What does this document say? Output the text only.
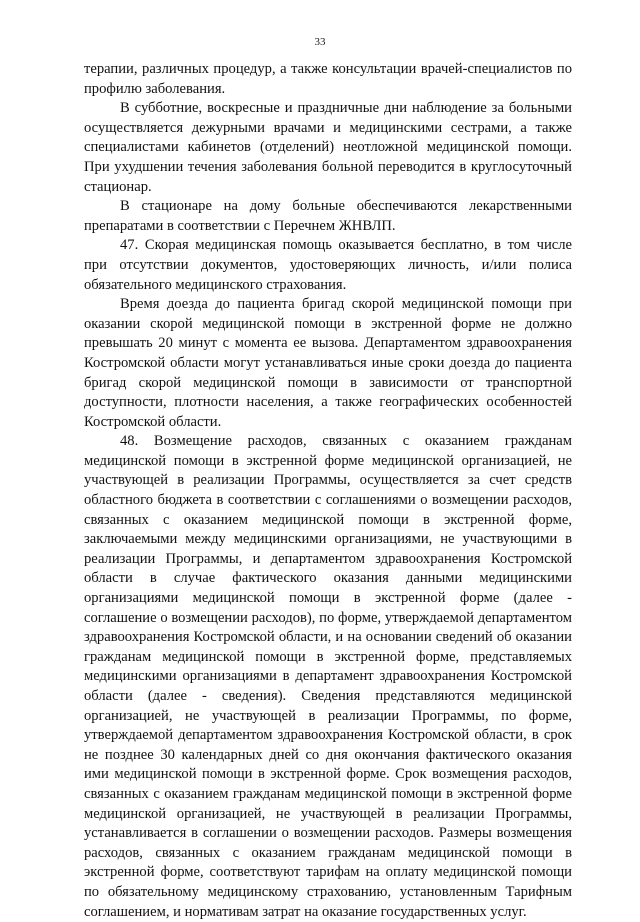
33

терапии, различных процедур, а также консультации врачей-специалистов по профилю заболевания.

В субботние, воскресные и праздничные дни наблюдение за больными осуществляется дежурными врачами и медицинскими сестрами, а также специалистами кабинетов (отделений) неотложной медицинской помощи. При ухудшении течения заболевания больной переводится в круглосуточный стационар.

В стационаре на дому больные обеспечиваются лекарственными препаратами в соответствии с Перечнем ЖНВЛП.

47. Скорая медицинская помощь оказывается бесплатно, в том числе при отсутствии документов, удостоверяющих личность, и/или полиса обязательного медицинского страхования.

Время доезда до пациента бригад скорой медицинской помощи при оказании скорой медицинской помощи в экстренной форме не должно превышать 20 минут с момента ее вызова. Департаментом здравоохранения Костромской области могут устанавливаться иные сроки доезда до пациента бригад скорой медицинской помощи в зависимости от транспортной доступности, плотности населения, а также географических особенностей Костромской области.

48. Возмещение расходов, связанных с оказанием гражданам медицинской помощи в экстренной форме медицинской организацией, не участвующей в реализации Программы, осуществляется за счет средств областного бюджета в соответствии с соглашениями о возмещении расходов, связанных с оказанием медицинской помощи в экстренной форме, заключаемыми между медицинскими организациями, не участвующими в реализации Программы, и департаментом здравоохранения Костромской области в случае фактического оказания данными медицинскими организациями медицинской помощи в экстренной форме (далее - соглашение о возмещении расходов), по форме, утверждаемой департаментом здравоохранения Костромской области, и на основании сведений об оказании гражданам медицинской помощи в экстренной форме, представляемых медицинскими организациями в департамент здравоохранения Костромской области (далее - сведения). Сведения представляются медицинской организацией, не участвующей в реализации Программы, по форме, утверждаемой департаментом здравоохранения Костромской области, в срок не позднее 30 календарных дней со дня окончания фактического оказания ими медицинской помощи в экстренной форме. Срок возмещения расходов, связанных с оказанием гражданам медицинской помощи в экстренной форме медицинской организацией, не участвующей в реализации Программы, устанавливается в соглашении о возмещении расходов. Размеры возмещения расходов, связанных с оказанием гражданам медицинской помощи в экстренной форме, соответствуют тарифам на оплату медицинской помощи по обязательному медицинскому страхованию, установленным Тарифным соглашением, и нормативам затрат на оказание государственных услуг.
